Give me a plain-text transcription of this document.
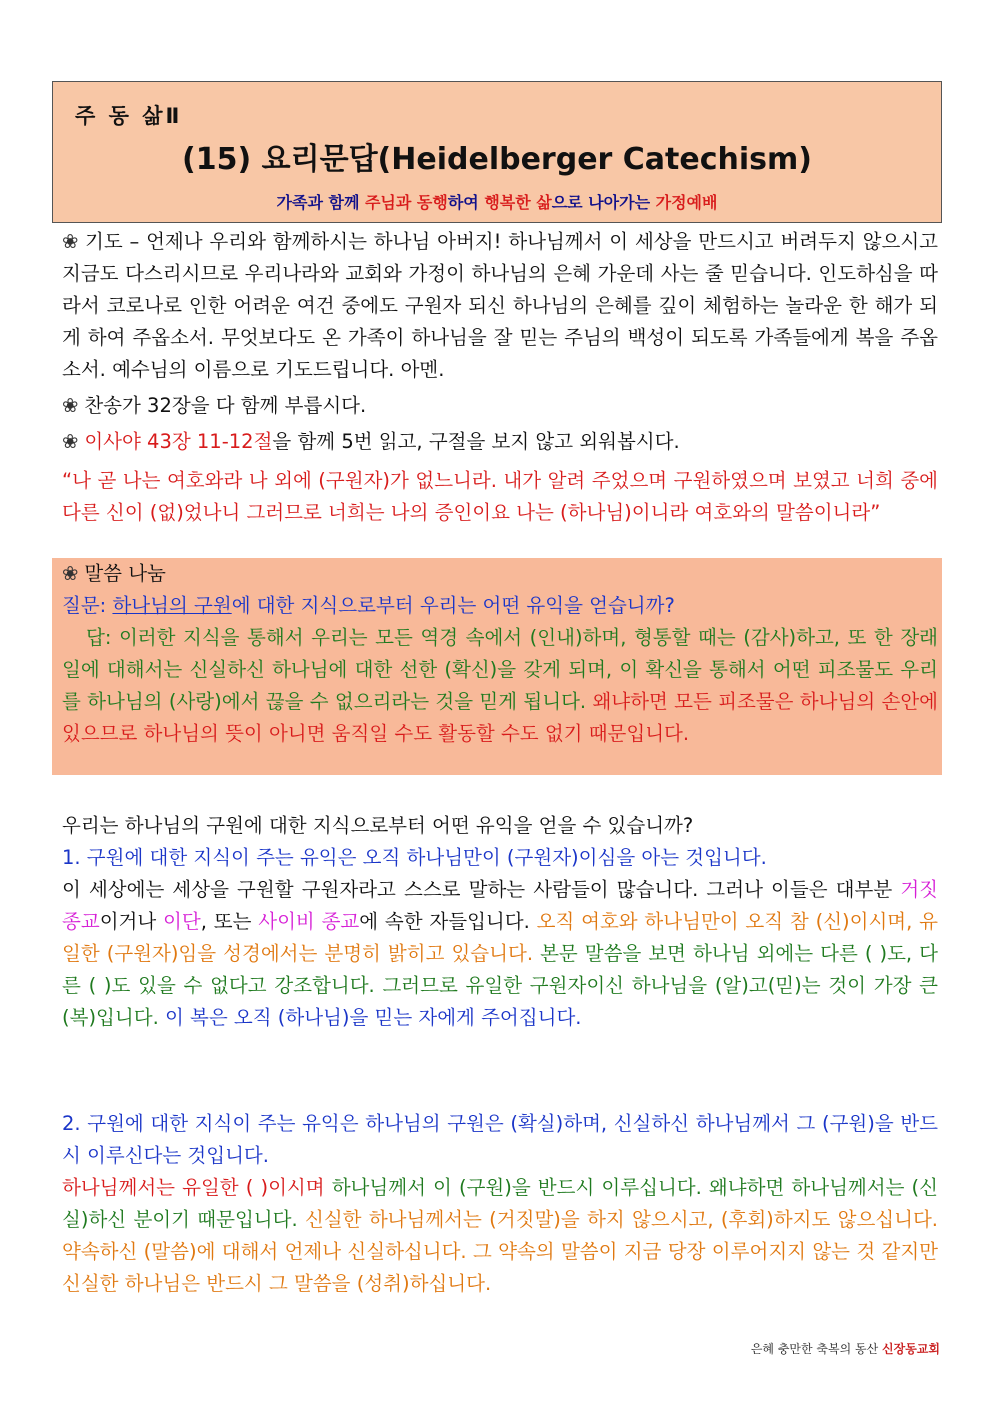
주 동 삶Ⅱ
(15) 요리문답(Heidelberger Catechism)
가족과 함께 주님과 동행하여 행복한 삶으로 나아가는 가정예배
❀ 기도 – 언제나 우리와 함께하시는 하나님 아버지! 하나님께서 이 세상을 만드시고 버려두지 않으시고 지금도 다스리시므로 우리나라와 교회와 가정이 하나님의 은혜 가운데 사는 줄 믿습니다. 인도하심을 따라서 코로나로 인한 어려운 여건 중에도 구원자 되신 하나님의 은혜를 깊이 체험하는 놀라운 한 해가 되게 하여 주옵소서. 무엇보다도 온 가족이 하나님을 잘 믿는 주님의 백성이 되도록 가족들에게 복을 주옵소서. 예수님의 이름으로 기도드립니다. 아멘.
❀ 찬송가 32장을 다 함께 부릅시다.
❀ 이사야 43장 11-12절을 함께 5번 읽고, 구절을 보지 않고 외워봅시다.
“나 곧 나는 여호와라 나 외에 (구원자)가 없느니라. 내가 알려 주었으며 구원하였으며 보였고 너희 중에 다른 신이 (없)었나니 그러므로 너희는 나의 증인이요 나는 (하나님)이니라 여호와의 말씀이니라”
❀ 말씀 나눔
질문: 하나님의 구원에 대한 지식으로부터 우리는 어떤 유익을 얻습니까?
답: 이러한 지식을 통해서 우리는 모든 역경 속에서 (인내)하며, 형통할 때는 (감사)하고, 또 한 장래 일에 대해서는 신실하신 하나님에 대한 선한 (확신)을 갖게 되며, 이 확신을 통해서 어떤 피조물도 우리를 하나님의 (사랑)에서 끊을 수 없으리라는 것을 믿게 됩니다. 왜냐하면 모든 피조물은 하나님의 손안에 있으므로 하나님의 뜻이 아니면 움직일 수도 활동할 수도 없기 때문입니다.
우리는 하나님의 구원에 대한 지식으로부터 어떤 유익을 얻을 수 있습니까?
1. 구원에 대한 지식이 주는 유익은 오직 하나님만이 (구원자)이심을 아는 것입니다.
이 세상에는 세상을 구원할 구원자라고 스스로 말하는 사람들이 많습니다. 그러나 이들은 대부분 거짓 종교이거나 이단, 또는 사이비 종교에 속한 자들입니다. 오직 여호와 하나님만이 오직 참 (신)이시며, 유일한 (구원자)임을 성경에서는 분명히 밝히고 있습니다. 본문 말씀을 보면 하나님 외에는 다른 ( )도, 다른 ( )도 있을 수 없다고 강조합니다. 그러므로 유일한 구원자이신 하나님을 (알)고(믿)는 것이 가장 큰 (복)입니다. 이 복은 오직 (하나님)을 믿는 자에게 주어집니다.
2. 구원에 대한 지식이 주는 유익은 하나님의 구원은 (확실)하며, 신실하신 하나님께서 그 (구원)을 반드시 이루신다는 것입니다.
하나님께서는 유일한 ( )이시며 하나님께서 이 (구원)을 반드시 이루십니다. 왜냐하면 하나님께서는 (신실)하신 분이기 때문입니다. 신실한 하나님께서는 (거짓말)을 하지 않으시고, (후회)하지도 않으십니다. 약속하신 (말씀)에 대해서 언제나 신실하십니다. 그 약속의 말씀이 지금 당장 이루어지지 않는 것 같지만 신실한 하나님은 반드시 그 말씀을 (성취)하십니다.
은혜 충만한 축복의 동산 신장동교회
